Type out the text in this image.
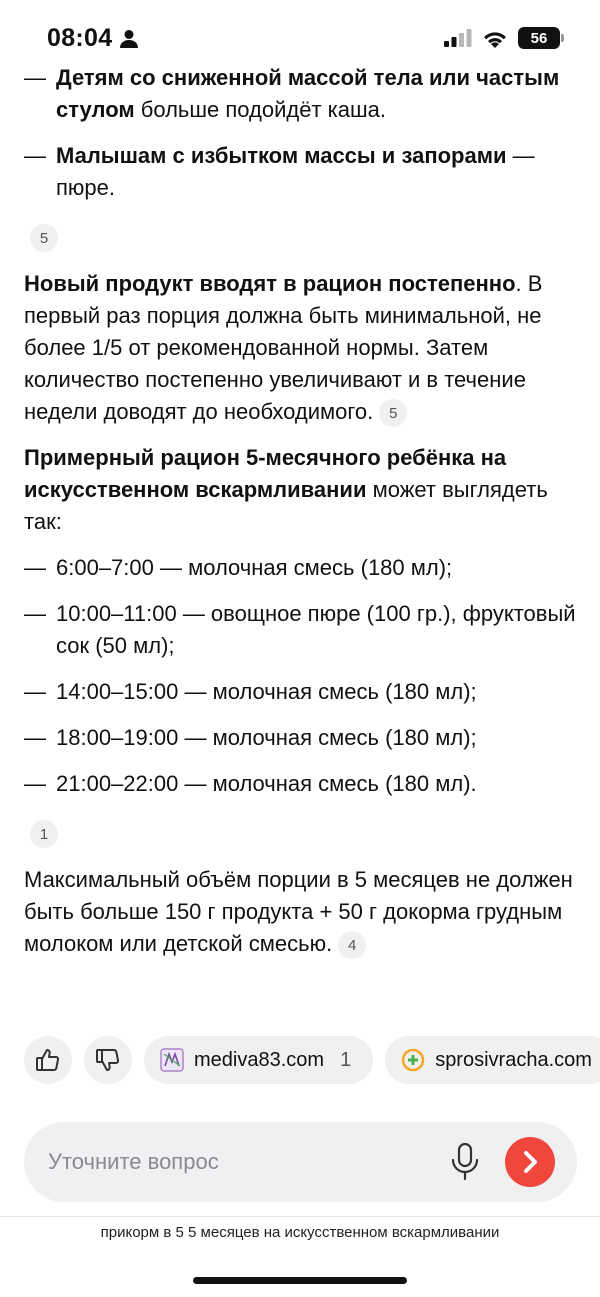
08:04	56
— Детям со сниженной массой тела или частым стулом больше подойдёт каша.
— Малышам с избытком массы и запорами — пюре.
5
Новый продукт вводят в рацион постепенно. В первый раз порция должна быть минимальной, не более 1/5 от рекомендованной нормы. Затем количество постепенно увеличивают и в течение недели доводят до необходимого. 5
Примерный рацион 5-месячного ребёнка на искусственном вскармливании может выглядеть так:
— 6:00–7:00 — молочная смесь (180 мл);
— 10:00–11:00 — овощное пюре (100 гр.), фруктовый сок (50 мл);
— 14:00–15:00 — молочная смесь (180 мл);
— 18:00–19:00 — молочная смесь (180 мл);
— 21:00–22:00 — молочная смесь (180 мл).
1
Максимальный объём порции в 5 месяцев не должен быть больше 150 г продукта + 50 г докорма грудным молоком или детской смесью. 4
mediva83.com 1	sprosivracha.com
Уточните вопрос
прикорм в 5 5 месяцев на искусственном вскармливании
